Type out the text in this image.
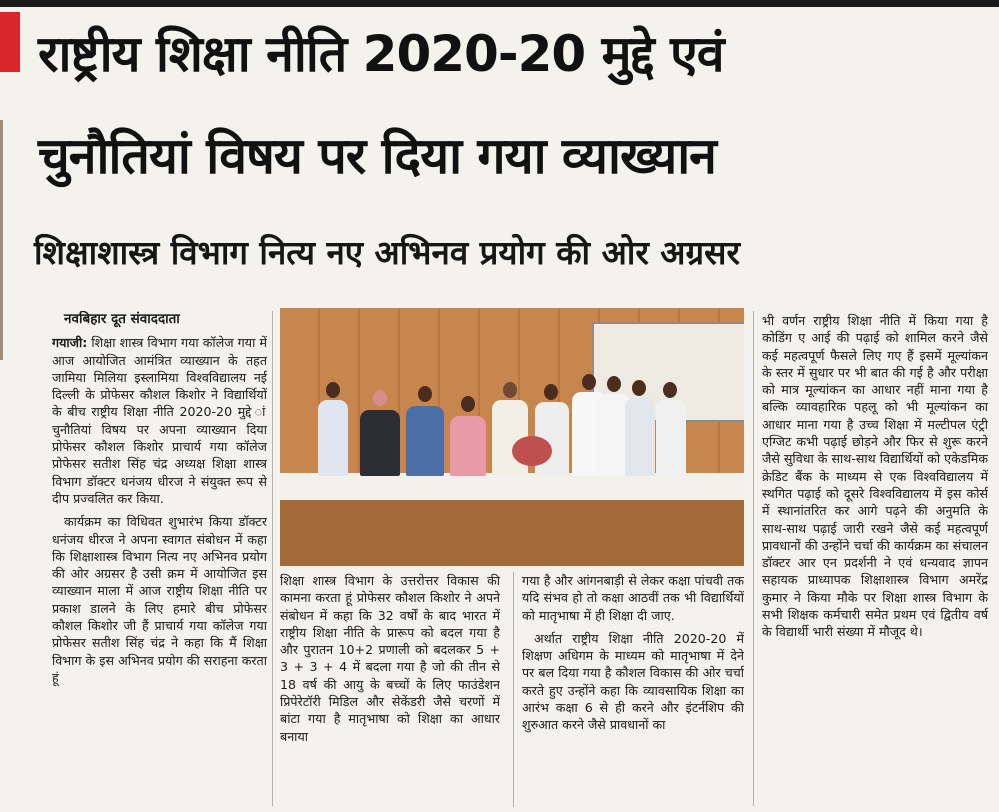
राष्ट्रीय शिक्षा नीति 2020-20 मुद्दे एवं
चुनौतियां विषय पर दिया गया व्याख्यान
शिक्षाशास्त्र विभाग नित्य नए अभिनव प्रयोग की ओर अग्रसर

नवबिहार दूत संवाददाता

गयाजी: शिक्षा शास्त्र विभाग गया कॉलेज गया में आज आयोजित आमंत्रित व्याख्यान के तहत जामिया मिलिया इस्लामिया विश्वविद्यालय नई दिल्ली के प्रोफेसर कौशल किशोर ने विद्यार्थियों के बीच राष्ट्रीय शिक्षा नीति 2020-20 मुद्दे ां चुनौतियां विषय पर अपना व्याख्यान दिया प्रोफेसर कौशल किशोर प्राचार्य गया कॉलेज प्रोफेसर सतीश सिंह चंद्र अध्यक्ष शिक्षा शास्त्र विभाग डॉक्टर धनंजय धीरज ने संयुक्त रूप से दीप प्रज्वलित कर किया.

कार्यक्रम का विधिवत शुभारंभ किया डॉक्टर धनंजय धीरज ने अपना स्वागत संबोधन में कहा कि शिक्षाशास्त्र विभाग नित्य नए अभिनव प्रयोग की ओर अग्रसर है उसी क्रम में आयोजित इस व्याख्यान माला में आज राष्ट्रीय शिक्षा नीति पर प्रकाश डालने के लिए हमारे बीच प्रोफेसर कौशल किशोर जी हैं प्राचार्य गया कॉलेज गया प्रोफेसर सतीश सिंह चंद्र ने कहा कि मैं शिक्षा विभाग के इस अभिनव प्रयोग की सराहना करता हूं

शिक्षा शास्त्र विभाग के उत्तरोत्तर विकास की कामना करता हूं प्रोफेसर कौशल किशोर ने अपने संबोधन में कहा कि 32 वर्षों के बाद भारत में राष्ट्रीय शिक्षा नीति के प्रारूप को बदल गया है और पुरातन 10+2 प्रणाली को बदलकर 5 + 3 + 3 + 4 में बदला गया है जो की तीन से 18 वर्ष की आयु के बच्चों के लिए फाउंडेशन प्रिपेरेटॉरी मिडिल और सेकेंडरी जैसे चरणों में बांटा गया है मातृभाषा को शिक्षा का आधार बनाया

गया है और आंगनबाड़ी से लेकर कक्षा पांचवी तक यदि संभव हो तो कक्षा आठवीं तक भी विद्यार्थियों को मातृभाषा में ही शिक्षा दी जाए.

अर्थात राष्ट्रीय शिक्षा नीति 2020-20 में शिक्षण अधिगम के माध्यम को मातृभाषा में देने पर बल दिया गया है कौशल विकास की ओर चर्चा करते हुए उन्होंने कहा कि व्यावसायिक शिक्षा का आरंभ कक्षा 6 से ही करने और इंटर्नशिप की शुरुआत करने जैसे प्रावधानों का

भी वर्णन राष्ट्रीय शिक्षा नीति में किया गया है कोडिंग ए आई की पढ़ाई को शामिल करने जैसे कई महत्वपूर्ण फैसले लिए गए हैं इसमें मूल्यांकन के स्तर में सुधार पर भी बात की गई है और परीक्षा को मात्र मूल्यांकन का आधार नहीं माना गया है बल्कि व्यावहारिक पहलू को भी मूल्यांकन का आधार माना गया है उच्च शिक्षा में मल्टीपल एंट्री एग्जिट कभी पढ़ाई छोड़ने और फिर से शुरू करने जैसे सुविधा के साथ-साथ विद्यार्थियों को एकेडमिक क्रेडिट बैंक के माध्यम से एक विश्वविद्यालय में स्थगित पढ़ाई को दूसरे विश्वविद्यालय में इस कोर्स में स्थानांतरित कर आगे पढ़ने की अनुमति के साथ-साथ पढ़ाई जारी रखने जैसे कई महत्वपूर्ण प्रावधानों की उन्होंने चर्चा की कार्यक्रम का संचालन डॉक्टर आर एन प्रदर्शनी ने एवं धन्यवाद ज्ञापन सहायक प्राध्यापक शिक्षाशास्त्र विभाग अमरेंद्र कुमार ने किया मौके पर शिक्षा शास्त्र विभाग के सभी शिक्षक कर्मचारी समेत प्रथम एवं द्वितीय वर्ष के विद्यार्थी भारी संख्या में मौजूद थे।
